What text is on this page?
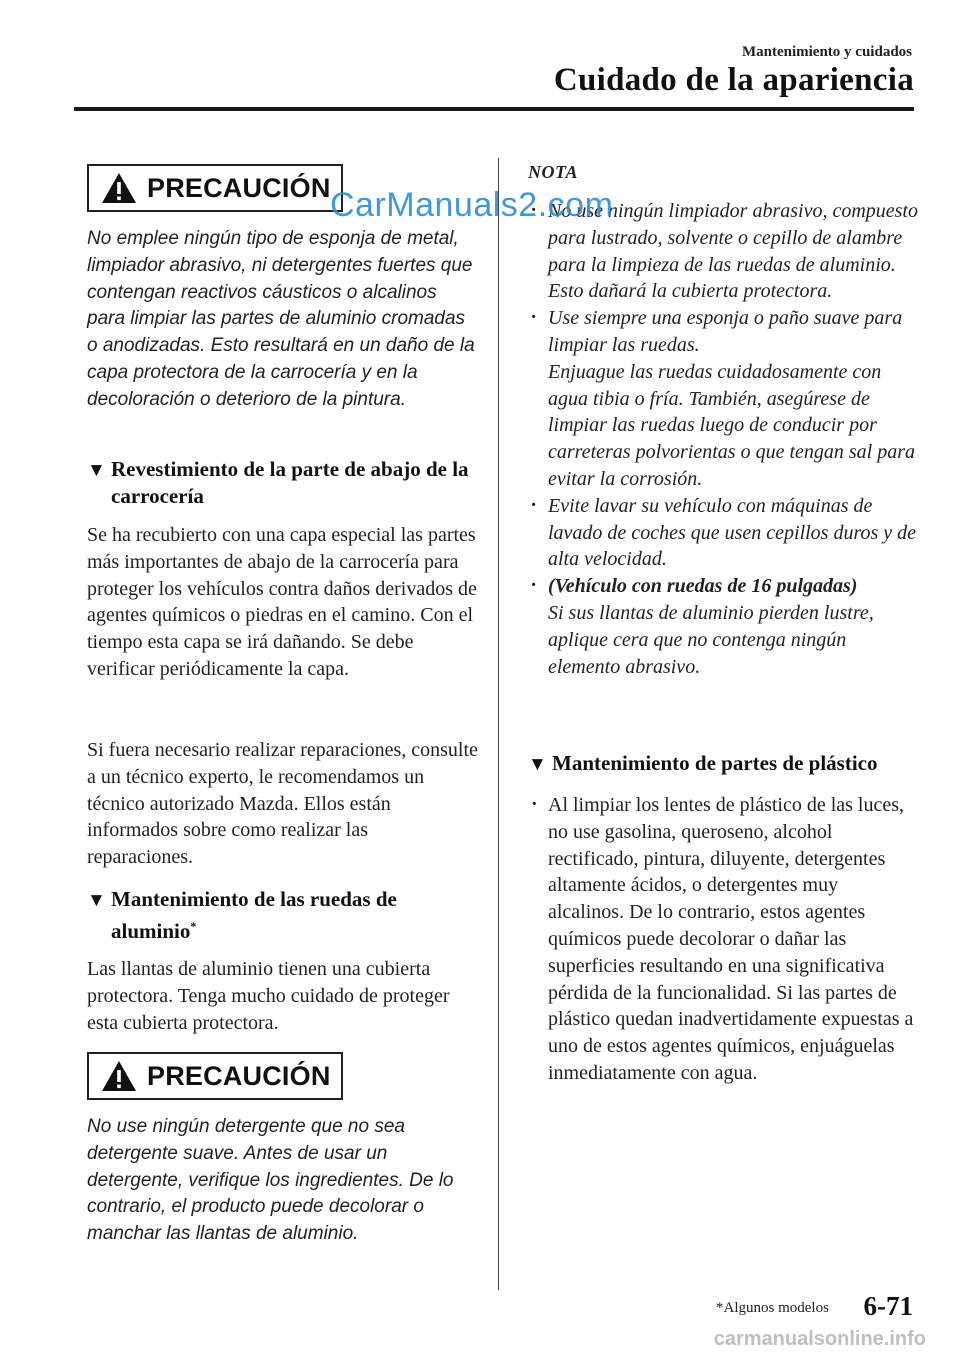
Mantenimiento y cuidados
Cuidado de la apariencia
PRECAUCIÓN
No emplee ningún tipo de esponja de metal, limpiador abrasivo, ni detergentes fuertes que contengan reactivos cáusticos o alcalinos para limpiar las partes de aluminio cromadas o anodizadas. Esto resultará en un daño de la capa protectora de la carrocería y en la decoloración o deterioro de la pintura.
▼ Revestimiento de la parte de abajo de la carrocería
Se ha recubierto con una capa especial las partes más importantes de abajo de la carrocería para proteger los vehículos contra daños derivados de agentes químicos o piedras en el camino. Con el tiempo esta capa se irá dañando. Se debe verificar periódicamente la capa.
Si fuera necesario realizar reparaciones, consulte a un técnico experto, le recomendamos un técnico autorizado Mazda. Ellos están informados sobre como realizar las reparaciones.
▼ Mantenimiento de las ruedas de aluminio*
Las llantas de aluminio tienen una cubierta protectora. Tenga mucho cuidado de proteger esta cubierta protectora.
PRECAUCIÓN
No use ningún detergente que no sea detergente suave. Antes de usar un detergente, verifique los ingredientes. De lo contrario, el producto puede decolorar o manchar las llantas de aluminio.
NOTA
· No use ningún limpiador abrasivo, compuesto para lustrado, solvente o cepillo de alambre para la limpieza de las ruedas de aluminio. Esto dañará la cubierta protectora.
· Use siempre una esponja o paño suave para limpiar las ruedas.
Enjuague las ruedas cuidadosamente con agua tibia o fría. También, asegúrese de limpiar las ruedas luego de conducir por carreteras polvorientas o que tengan sal para evitar la corrosión.
· Evite lavar su vehículo con máquinas de lavado de coches que usen cepillos duros y de alta velocidad.
· (Vehículo con ruedas de 16 pulgadas)
Si sus llantas de aluminio pierden lustre, aplique cera que no contenga ningún elemento abrasivo.
▼ Mantenimiento de partes de plástico
· Al limpiar los lentes de plástico de las luces, no use gasolina, queroseno, alcohol rectificado, pintura, diluyente, detergentes altamente ácidos, o detergentes muy alcalinos. De lo contrario, estos agentes químicos puede decolorar o dañar las superficies resultando en una significativa pérdida de la funcionalidad. Si las partes de plástico quedan inadvertidamente expuestas a uno de estos agentes químicos, enjuáguelas inmediatamente con agua.
CarManuals2.com
*Algunos modelos 6-71
carmanualsonline.info
